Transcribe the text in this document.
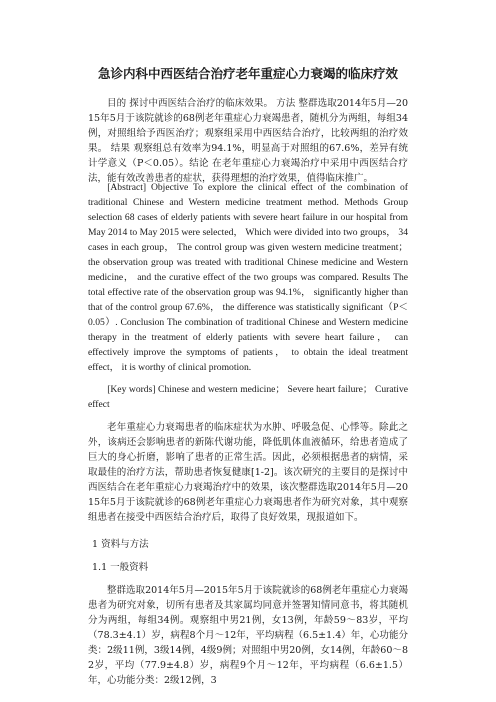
急诊内科中西医结合治疗老年重症心力衰竭的临床疗效

目的 探讨中西医结合治疗的临床效果。 方法 整群选取2014年5月—2015年5月于该院就诊的68例老年重症心力衰竭患者，随机分为两组，每组34例，对照组给予西医治疗；观察组采用中西医结合治疗，比较两组的治疗效果。 结果 观察组总有效率为94.1%，明显高于对照组的67.6%，差异有统计学意义（P＜0.05）。结论 在老年重症心力衰竭治疗中采用中西医结合疗法，能有效改善患者的症状，获得理想的治疗效果，值得临床推广。

[Abstract] Objective To explore the clinical effect of the combination of traditional Chinese and Western medicine treatment method. Methods Group selection 68 cases of elderly patients with severe heart failure in our hospital from May 2014 to May 2015 were selected， Which were divided into two groups， 34 cases in each group， The control group was given western medicine treatment； the observation group was treated with traditional Chinese medicine and Western medicine， and the curative effect of the two groups was compared. Results The total effective rate of the observation group was 94.1%， significantly higher than that of the control group 67.6%， the difference was statistically significant（P＜0.05）. Conclusion The combination of traditional Chinese and Western medicine therapy in the treatment of elderly patients with severe heart failure， can effectively improve the symptoms of patients， to obtain the ideal treatment effect， it is worthy of clinical promotion.

[Key words] Chinese and western medicine； Severe heart failure； Curative effect

老年重症心力衰竭患者的临床症状为水肿、呼吸急促、心悸等。除此之外，该病还会影响患者的新陈代谢功能，降低肌体血液循环，给患者造成了巨大的身心折磨，影响了患者的正常生活。因此，必须根据患者的病情，采取最佳的治疗方法，帮助患者恢复健康[1-2]。该次研究的主要目的是探讨中西医结合在老年重症心力衰竭治疗中的效果，该次整群选取2014年5月—2015年5月于该院就诊的68例老年重症心力衰竭患者作为研究对象，其中观察组患者在接受中西医结合治疗后，取得了良好效果，现报道如下。

1 资料与方法

1.1 一般资料

整群选取2014年5月—2015年5月于该院就诊的68例老年重症心力衰竭患者为研究对象，切所有患者及其家属均同意并签署知情同意书，将其随机分为两组，每组34例。观察组中男21例，女13例，年龄59～83岁，平均（78.3±4.1）岁，病程8个月～12年，平均病程（6.5±1.4）年，心功能分类：2级11例，3级14例，4级9例；对照组中男20例，女14例，年龄60～82岁，平均（77.9±4.8）岁，病程9个月～12年，平均病程（6.6±1.5）年，心功能分类：2级12例，3
